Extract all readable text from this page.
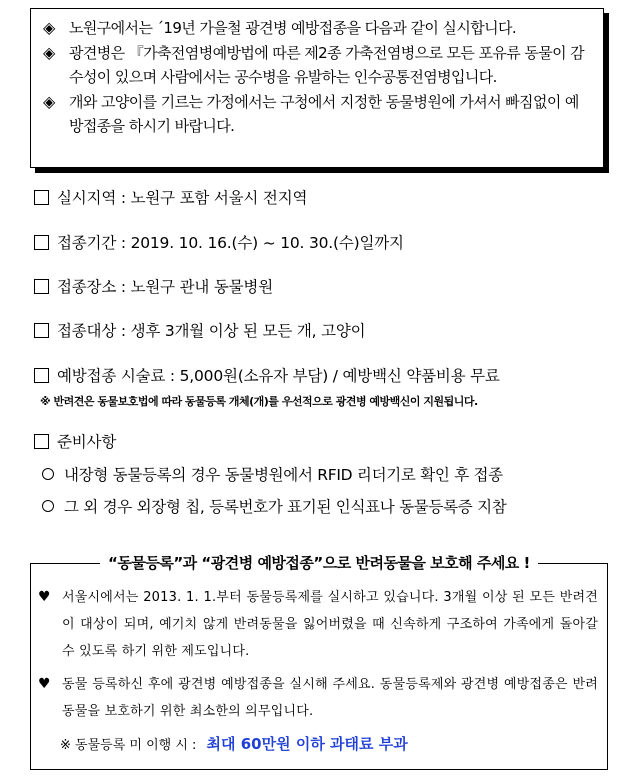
◈ 노원구에서는 ´19년 가을철 광견병 예방접종을 다음과 같이 실시합니다.
◈ 광견병은 『가축전염병예방법에 따른 제2종 가축전염병으로 모든 포유류 동물이 감수성이 있으며 사람에서는 공수병을 유발하는 인수공통전염병입니다.
◈ 개와 고양이를 기르는 가정에서는 구청에서 지정한 동물병원에 가셔서 빠짐없이 예방접종을 하시기 바랍니다.
실시지역 : 노원구 포함 서울시 전지역
접종기간 : 2019. 10. 16.(수) ~ 10. 30.(수)일까지
접종장소 : 노원구 관내 동물병원
접종대상 : 생후 3개월 이상 된 모든 개, 고양이
예방접종 시술료 : 5,000원(소유자 부담) / 예방백신 약품비용 무료
※ 반려견은 동물보호법에 따라 동물등록 개체(개)를 우선적으로 광견병 예방백신이 지원됩니다.
준비사항
내장형 동물등록의 경우 동물병원에서 RFID 리더기로 확인 후 접종
그 외 경우 외장형 칩, 등록번호가 표기된 인식표나 동물등록증 지참
“동물등록”과 “광견병 예방접종”으로 반려동물을 보호해 주세요 !
♥ 서울시에서는 2013. 1. 1.부터 동물등록제를 실시하고 있습니다. 3개월 이상 된 모든 반려견이 대상이 되며, 예기치 않게 반려동물을 잃어버렸을 때 신속하게 구조하여 가족에게 돌아갈 수 있도록 하기 위한 제도입니다.
♥ 동물 등록하신 후에 광견병 예방접종을 실시해 주세요. 동물등록제와 광견병 예방접종은 반려동물을 보호하기 위한 최소한의 의무입니다.
※ 동물등록 미 이행 시 : 최대 60만원 이하 과태료 부과
